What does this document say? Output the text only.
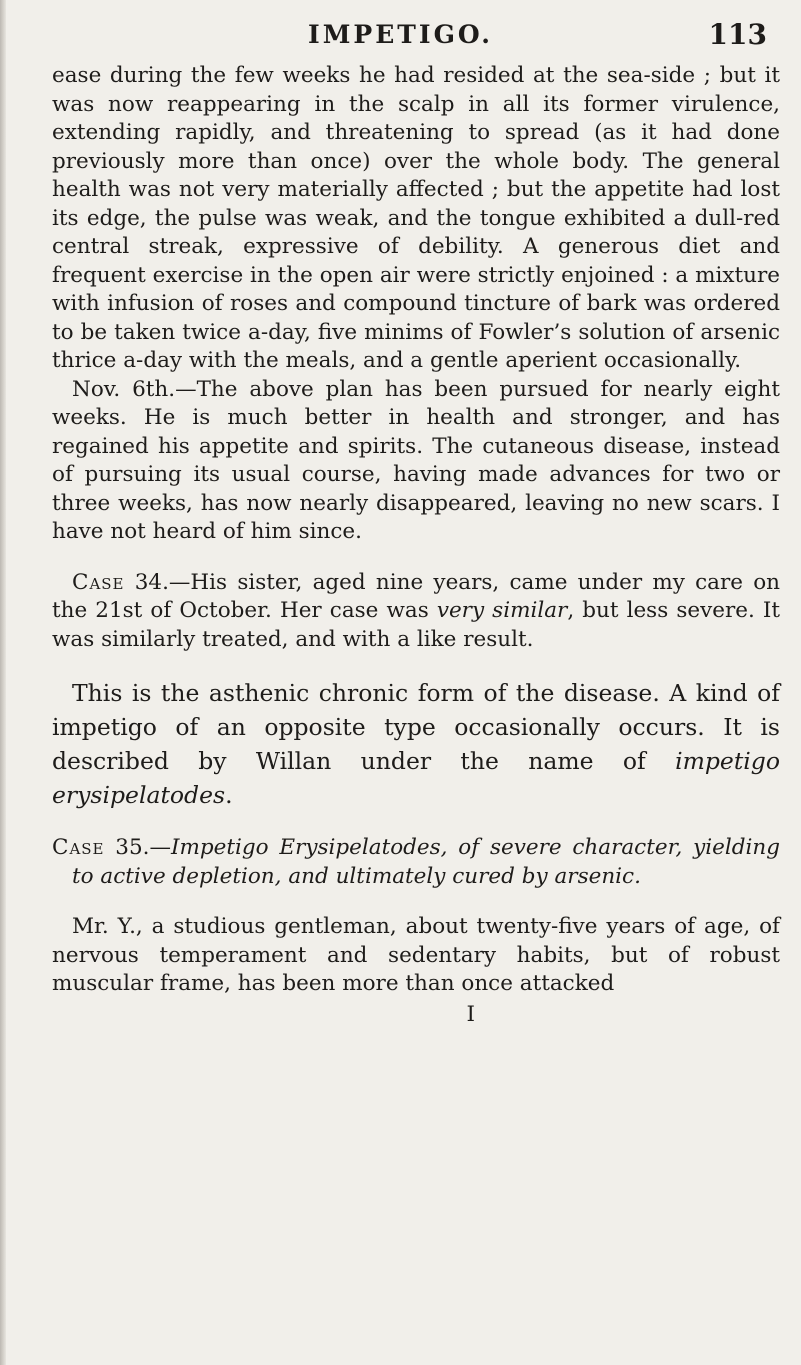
IMPETIGO.	113

ease during the few weeks he had resided at the sea-side ; but it was now reappearing in the scalp in all its former virulence, extending rapidly, and threatening to spread (as it had done previously more than once) over the whole body. The general health was not very materially affected ; but the appetite had lost its edge, the pulse was weak, and the tongue exhibited a dull-red central streak, expressive of debility. A generous diet and frequent exercise in the open air were strictly enjoined : a mixture with infusion of roses and compound tincture of bark was ordered to be taken twice a-day, five minims of Fowler’s solution of arsenic thrice a-day with the meals, and a gentle aperient occasionally.

Nov. 6th.—The above plan has been pursued for nearly eight weeks. He is much better in health and stronger, and has regained his appetite and spirits. The cutaneous disease, instead of pursuing its usual course, having made advances for two or three weeks, has now nearly disappeared, leaving no new scars. I have not heard of him since.

Case 34.—His sister, aged nine years, came under my care on the 21st of October. Her case was very similar, but less severe. It was similarly treated, and with a like result.

This is the asthenic chronic form of the disease. A kind of impetigo of an opposite type occasionally occurs. It is described by Willan under the name of impetigo erysipelatodes.

Case 35.—Impetigo Erysipelatodes, of severe character, yielding to active depletion, and ultimately cured by arsenic.

Mr. Y., a studious gentleman, about twenty-five years of age, of nervous temperament and sedentary habits, but of robust muscular frame, has been more than once attacked

I
